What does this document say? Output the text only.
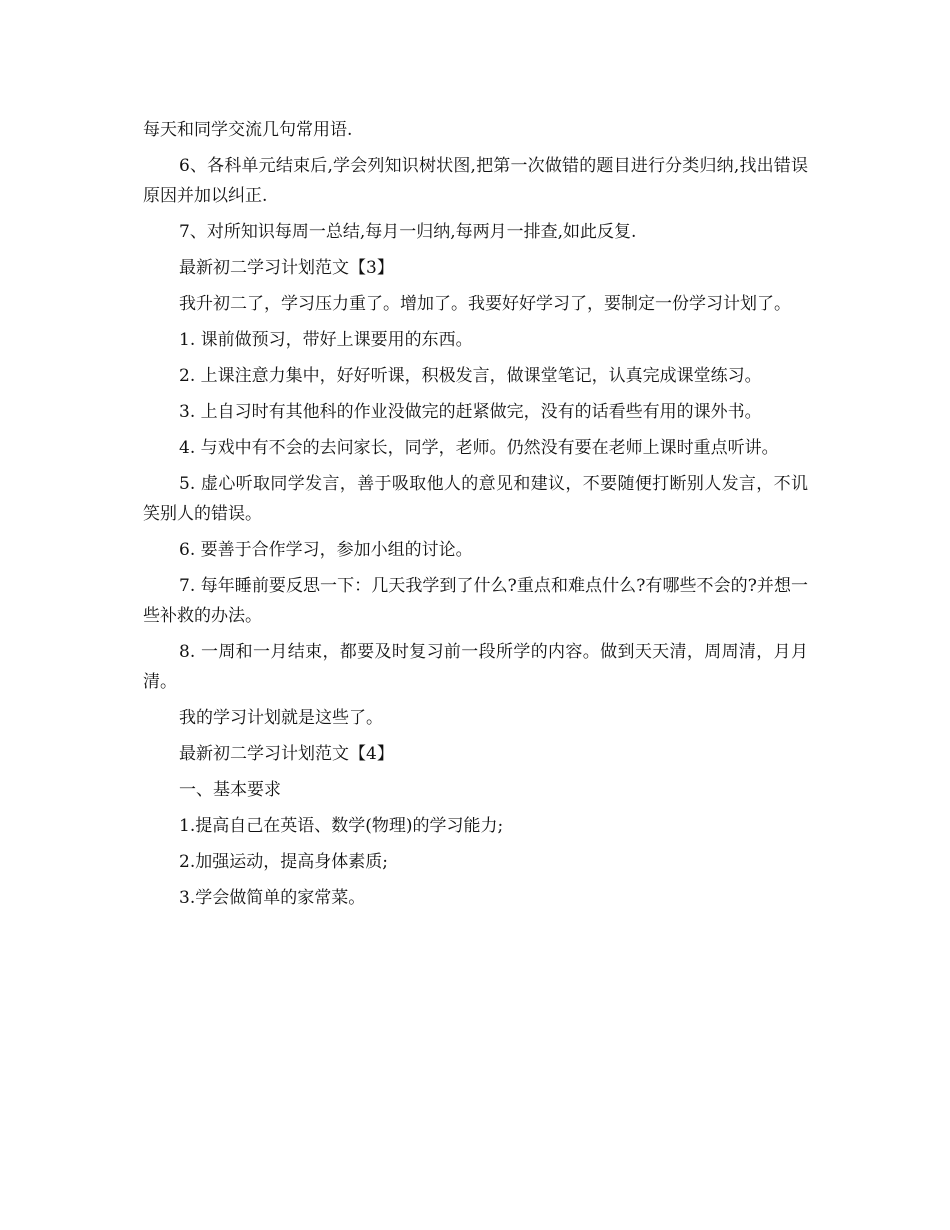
每天和同学交流几句常用语.

6、各科单元结束后,学会列知识树状图,把第一次做错的题目进行分类归纳,找出错误原因并加以纠正.

7、对所知识每周一总结,每月一归纳,每两月一排查,如此反复.

最新初二学习计划范文【3】

我升初二了，学习压力重了。增加了。我要好好学习了，要制定一份学习计划了。

1. 课前做预习，带好上课要用的东西。

2. 上课注意力集中，好好听课，积极发言，做课堂笔记，认真完成课堂练习。

3. 上自习时有其他科的作业没做完的赶紧做完，没有的话看些有用的课外书。

4. 与戏中有不会的去问家长，同学，老师。仍然没有要在老师上课时重点听讲。

5. 虚心听取同学发言，善于吸取他人的意见和建议，不要随便打断别人发言，不讥笑别人的错误。

6. 要善于合作学习，参加小组的讨论。

7. 每年睡前要反思一下：几天我学到了什么?重点和难点什么?有哪些不会的?并想一些补救的办法。

8. 一周和一月结束，都要及时复习前一段所学的内容。做到天天清，周周清，月月清。

我的学习计划就是这些了。

最新初二学习计划范文【4】

一、基本要求

1.提高自己在英语、数学(物理)的学习能力;

2.加强运动，提高身体素质;

3.学会做简单的家常菜。
